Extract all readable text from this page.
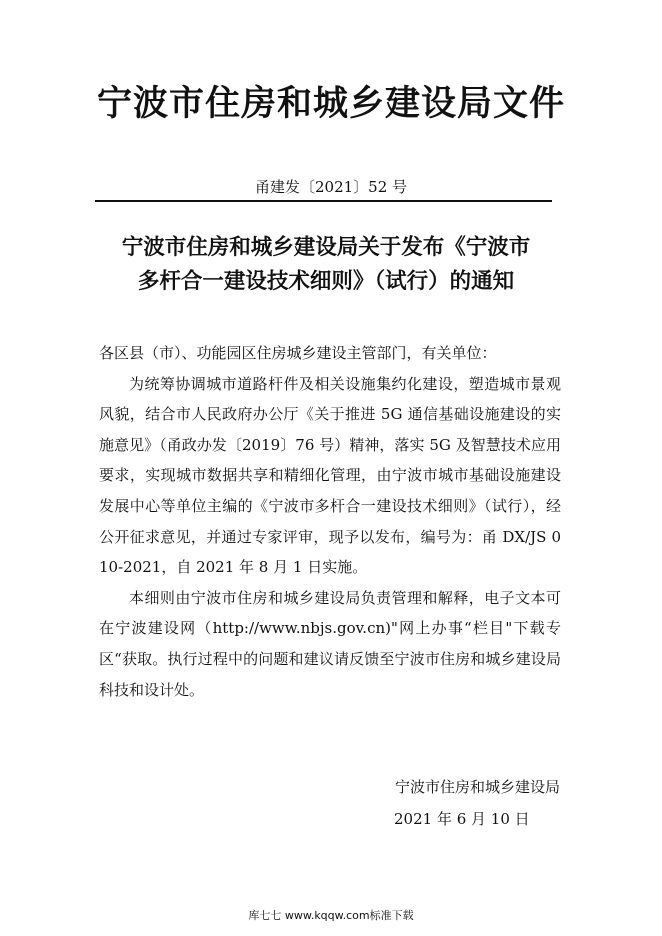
宁波市住房和城乡建设局文件
甬建发〔2021〕52 号
宁波市住房和城乡建设局关于发布《宁波市
多杆合一建设技术细则》（试行）的通知

各区县（市）、功能园区住房城乡建设主管部门，有关单位：

为统筹协调城市道路杆件及相关设施集约化建设，塑造城市景观风貌，结合市人民政府办公厅《关于推进 5G 通信基础设施建设的实施意见》（甬政办发〔2019〕76 号）精神，落实 5G 及智慧技术应用要求，实现城市数据共享和精细化管理，由宁波市城市基础设施建设发展中心等单位主编的《宁波市多杆合一建设技术细则》（试行），经公开征求意见，并通过专家评审，现予以发布，编号为：甬 DX/JS 010-2021，自 2021 年 8 月 1 日实施。

本细则由宁波市住房和城乡建设局负责管理和解释，电子文本可在宁波建设网（http://www.nbjs.gov.cn)"网上办事“栏目"下载专区“获取。执行过程中的问题和建议请反馈至宁波市住房和城乡建设局科技和设计处。

宁波市住房和城乡建设局
2021 年 6 月 10 日
库七七 www.kqqw.com标准下载
